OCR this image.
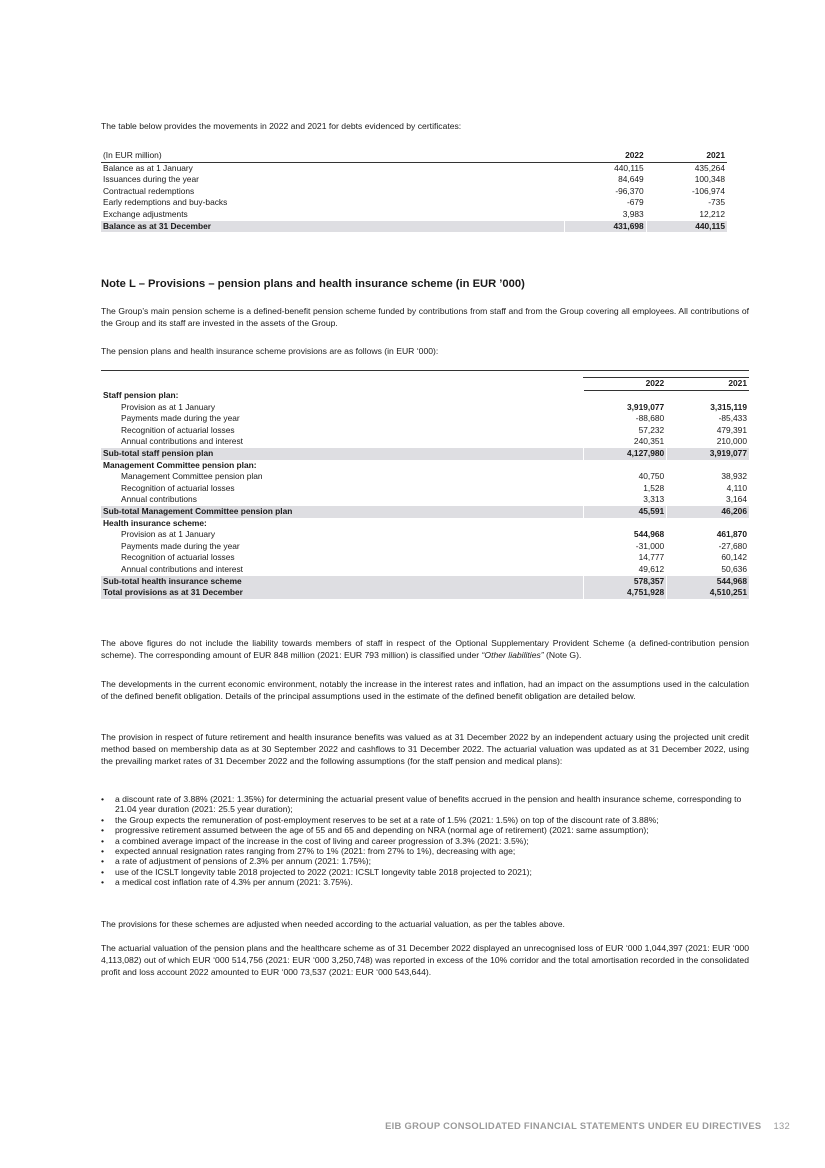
The table below provides the movements in 2022 and 2021 for debts evidenced by certificates:

(In EUR million)		2022		2021
Balance as at 1 January		440,115		435,264
Issuances during the year		84,649		100,348
Contractual redemptions		-96,370		-106,974
Early redemptions and buy-backs		-679		-735
Exchange adjustments		3,983		12,212
Balance as at 31 December		431,698		440,115
Note L – Provisions – pension plans and health insurance scheme (in EUR ’000)

The Group’s main pension scheme is a defined-benefit pension scheme funded by contributions from staff and from the Group covering all employees. All contributions of the Group and its staff are invested in the assets of the Group.

The pension plans and health insurance scheme provisions are as follows (in EUR ‘000):

		2022		2021
Staff pension plan:				
Provision as at 1 January		3,919,077		3,315,119
Payments made during the year		-88,680		-85,433
Recognition of actuarial losses		57,232		479,391
Annual contributions and interest		240,351		210,000
Sub-total staff pension plan		4,127,980		3,919,077
Management Committee pension plan:				
Management Committee pension plan		40,750		38,932
Recognition of actuarial losses		1,528		4,110
Annual contributions		3,313		3,164
Sub-total Management Committee pension plan		45,591		46,206
Health insurance scheme:				
Provision as at 1 January		544,968		461,870
Payments made during the year		-31,000		-27,680
Recognition of actuarial losses		14,777		60,142
Annual contributions and interest		49,612		50,636
Sub-total health insurance scheme		578,357		544,968
Total provisions as at 31 December		4,751,928		4,510,251

The above figures do not include the liability towards members of staff in respect of the Optional Supplementary Provident Scheme (a defined-contribution pension scheme). The corresponding amount of EUR 848 million (2021: EUR 793 million) is classified under “Other liabilities” (Note G).

The developments in the current economic environment, notably the increase in the interest rates and inflation, had an impact on the assumptions used in the calculation of the defined benefit obligation. Details of the principal assumptions used in the estimate of the defined benefit obligation are detailed below.

The provision in respect of future retirement and health insurance benefits was valued as at 31 December 2022 by an independent actuary using the projected unit credit method based on membership data as at 30 September 2022 and cashflows to 31 December 2022. The actuarial valuation was updated as at 31 December 2022, using the prevailing market rates of 31 December 2022 and the following assumptions (for the staff pension and medical plans):

• a discount rate of 3.88% (2021: 1.35%) for determining the actuarial present value of benefits accrued in the pension and health insurance scheme, corresponding to 21.04 year duration (2021: 25.5 year duration);
• the Group expects the remuneration of post-employment reserves to be set at a rate of 1.5% (2021: 1.5%) on top of the discount rate of 3.88%;
• progressive retirement assumed between the age of 55 and 65 and depending on NRA (normal age of retirement) (2021: same assumption);
• a combined average impact of the increase in the cost of living and career progression of 3.3% (2021: 3.5%);
• expected annual resignation rates ranging from 27% to 1% (2021: from 27% to 1%), decreasing with age;
• a rate of adjustment of pensions of 2.3% per annum (2021: 1.75%);
• use of the ICSLT longevity table 2018 projected to 2022 (2021: ICSLT longevity table 2018 projected to 2021);
• a medical cost inflation rate of 4.3% per annum (2021: 3.75%).

The provisions for these schemes are adjusted when needed according to the actuarial valuation, as per the tables above.

The actuarial valuation of the pension plans and the healthcare scheme as of 31 December 2022 displayed an unrecognised loss of EUR ‘000 1,044,397 (2021: EUR ‘000 4,113,082) out of which EUR ‘000 514,756 (2021: EUR ‘000 3,250,748) was reported in excess of the 10% corridor and the total amortisation recorded in the consolidated profit and loss account 2022 amounted to EUR ‘000 73,537 (2021: EUR ‘000 543,644).

EIB GROUP CONSOLIDATED FINANCIAL STATEMENTS UNDER EU DIRECTIVES 132
